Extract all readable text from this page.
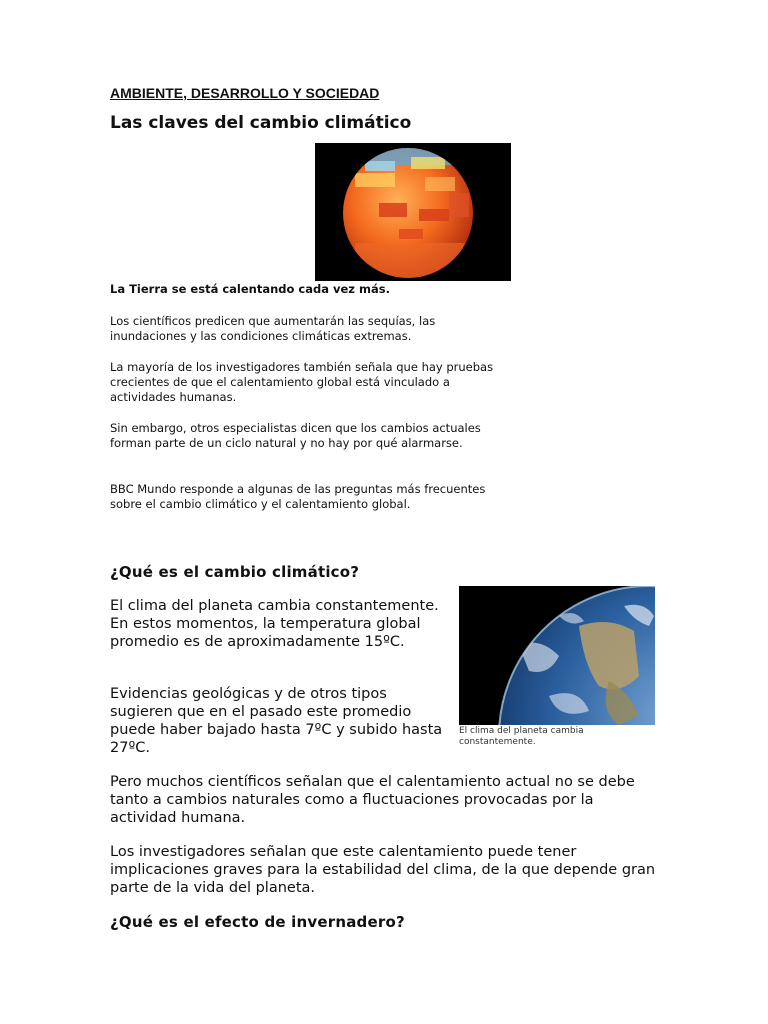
AMBIENTE, DESARROLLO Y SOCIEDAD
Las claves del cambio climático

La Tierra se está calentando cada vez más.

Los científicos predicen que aumentarán las sequías, las inundaciones y las condiciones climáticas extremas.

La mayoría de los investigadores también señala que hay pruebas crecientes de que el calentamiento global está vinculado a actividades humanas.

Sin embargo, otros especialistas dicen que los cambios actuales forman parte de un ciclo natural y no hay por qué alarmarse.

BBC Mundo responde a algunas de las preguntas más frecuentes sobre el cambio climático y el calentamiento global.

¿Qué es el cambio climático?

El clima del planeta cambia constantemente. En estos momentos, la temperatura global promedio es de aproximadamente 15ºC.

Evidencias geológicas y de otros tipos sugieren que en el pasado este promedio puede haber bajado hasta 7ºC y subido hasta 27ºC.

El clima del planeta cambia constantemente.

Pero muchos científicos señalan que el calentamiento actual no se debe tanto a cambios naturales como a fluctuaciones provocadas por la actividad humana.

Los investigadores señalan que este calentamiento puede tener implicaciones graves para la estabilidad del clima, de la que depende gran parte de la vida del planeta.

¿Qué es el efecto de invernadero?
